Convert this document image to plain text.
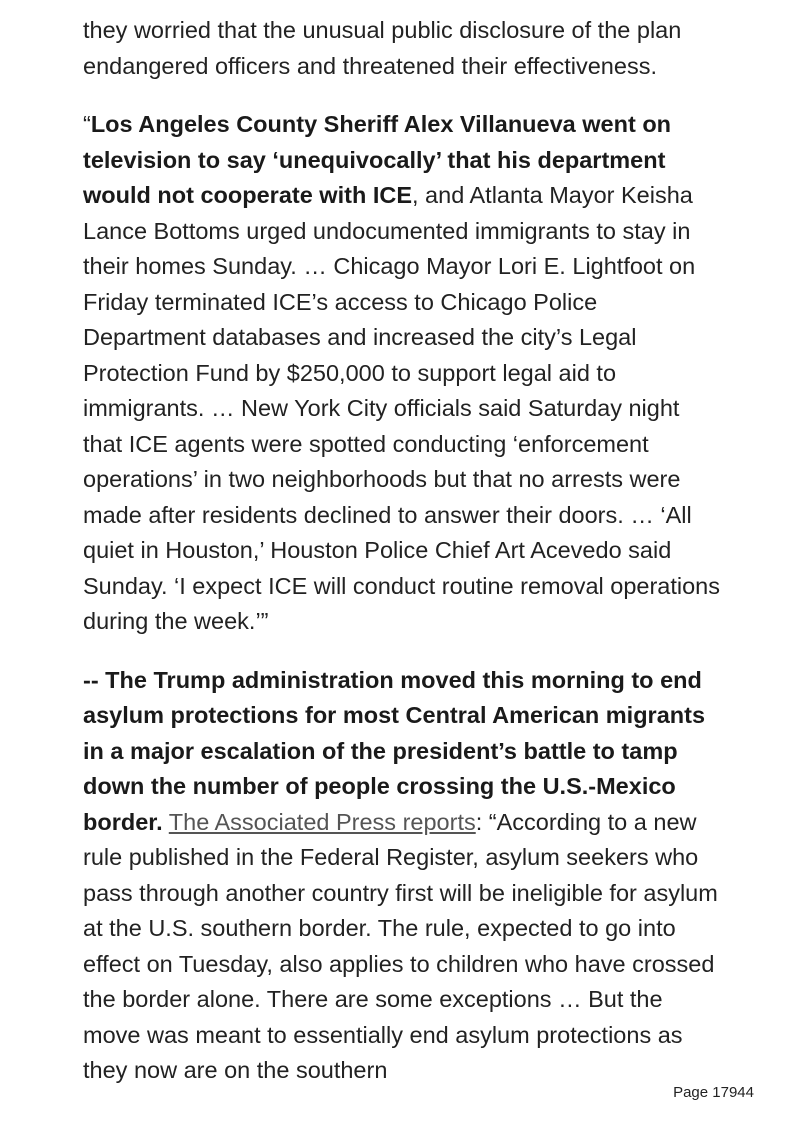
they worried that the unusual public disclosure of the plan endangered officers and threatened their effectiveness.

“Los Angeles County Sheriff Alex Villanueva went on television to say ‘unequivocally’ that his department would not cooperate with ICE, and Atlanta Mayor Keisha Lance Bottoms urged undocumented immigrants to stay in their homes Sunday. … Chicago Mayor Lori E. Lightfoot on Friday terminated ICE’s access to Chicago Police Department databases and increased the city’s Legal Protection Fund by $250,000 to support legal aid to immigrants. … New York City officials said Saturday night that ICE agents were spotted conducting ‘enforcement operations’ in two neighborhoods but that no arrests were made after residents declined to answer their doors. … ‘All quiet in Houston,’ Houston Police Chief Art Acevedo said Sunday. ‘I expect ICE will conduct routine removal operations during the week.’”

-- The Trump administration moved this morning to end asylum protections for most Central American migrants in a major escalation of the president’s battle to tamp down the number of people crossing the U.S.-Mexico border. The Associated Press reports: “According to a new rule published in the Federal Register, asylum seekers who pass through another country first will be ineligible for asylum at the U.S. southern border. The rule, expected to go into effect on Tuesday, also applies to children who have crossed the border alone. There are some exceptions … But the move was meant to essentially end asylum protections as they now are on the southern

Page 17944
